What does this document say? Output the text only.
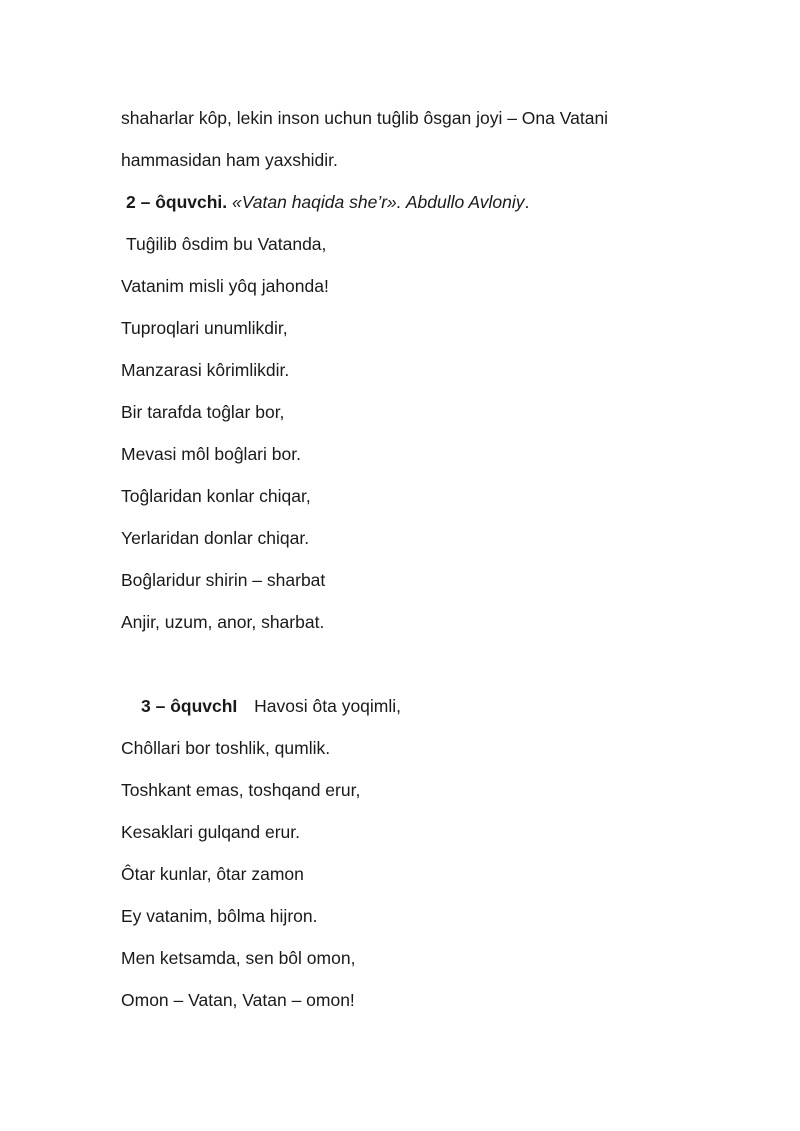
shaharlar kôp, lekin inson uchun tuĝlib ôsgan joyi – Ona Vatani
hammasidan ham yaxshidir.
2 – ôquvchi. «Vatan haqida she’r». Abdullo Avloniy.
Tuĝilib ôsdim bu Vatanda,
Vatanim misli yôq jahonda!
Tuproqlari unumlikdir,
Manzarasi kôrimlikdir.
Bir tarafda toĝlar bor,
Mevasi môl boĝlari bor.
Toĝlaridan konlar chiqar,
Yerlaridan donlar chiqar.
Boĝlaridur shirin – sharbat
Anjir, uzum, anor, sharbat.
3 – ôquvchI Havosi ôta yoqimli,
Chôllari bor toshlik, qumlik.
Toshkant emas, toshqand erur,
Kesaklari gulqand erur.
Ôtar kunlar, ôtar zamon
Ey vatanim, bôlma hijron.
Men ketsamda, sen bôl omon,
Omon – Vatan, Vatan – omon!
